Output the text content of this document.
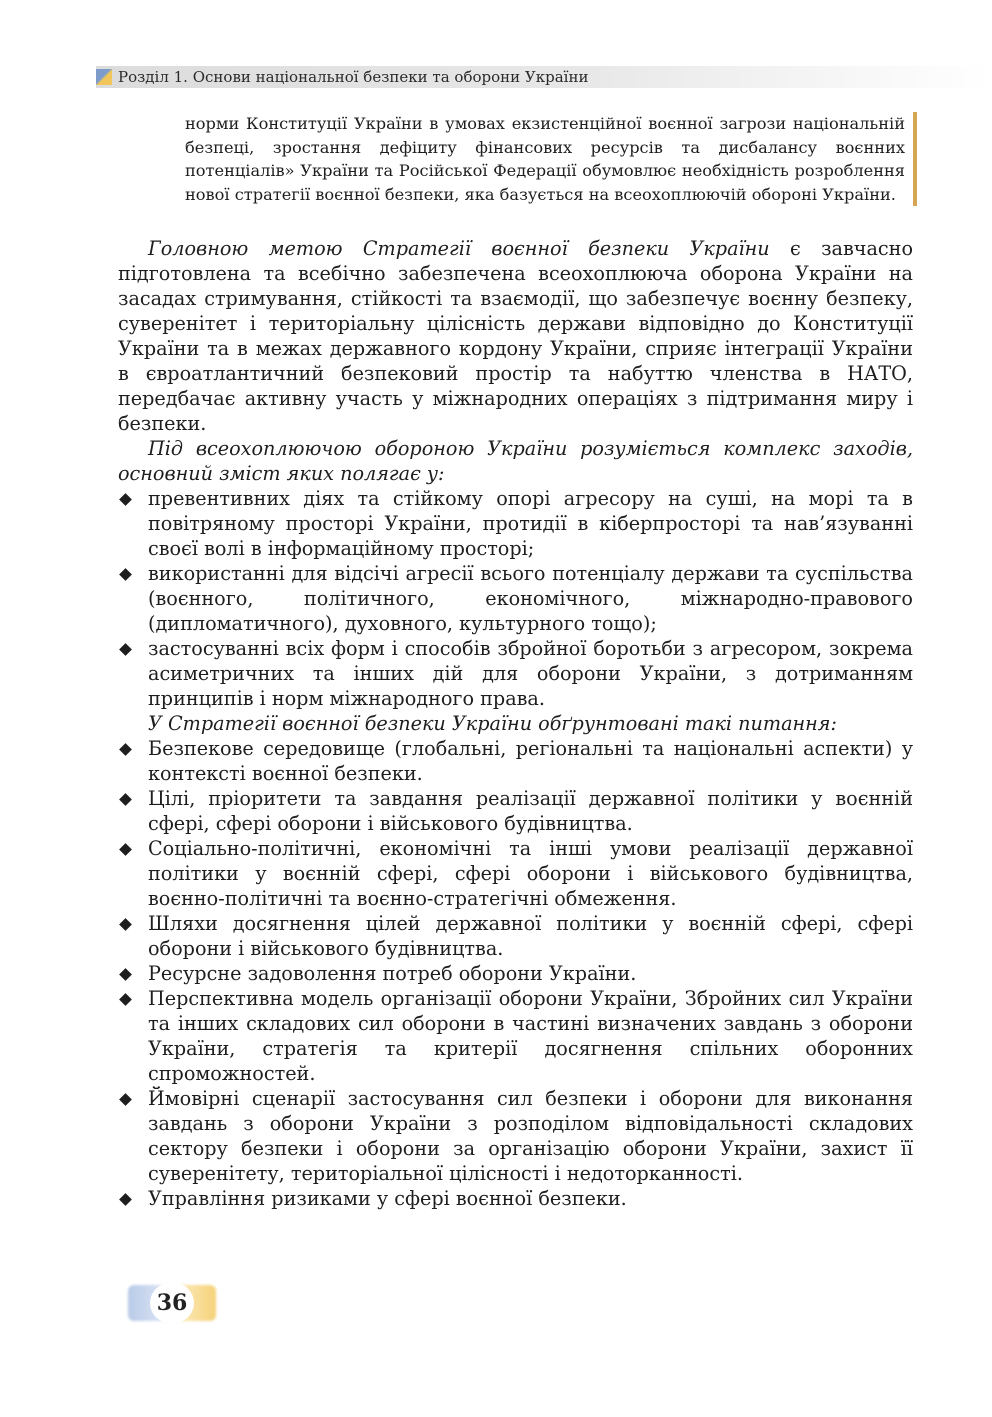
Розділ 1. Основи національної безпеки та оборони України
норми Конституції України в умовах екзистенційної воєнної загрози національній безпеці, зростання дефіциту фінансових ресурсів та дисбалансу воєнних потенціалів» України та Російської Федерації обумовлює необхідність розроблення нової стратегії воєнної безпеки, яка базується на всеохоплюючій обороні України.

Головною метою Стратегії воєнної безпеки України є завчасно підготовлена та всебічно забезпечена всеохоплююча оборона України на засадах стримування, стійкості та взаємодії, що забезпечує воєнну безпеку, суверенітет і територіальну цілісність держави відповідно до Конституції України та в межах державного кордону України, сприяє інтеграції України в євроатлантичний безпековий простір та набуттю членства в НАТО, передбачає активну участь у міжнародних операціях з підтримання миру і безпеки.

Під всеохоплюючою обороною України розуміється комплекс заходів, основний зміст яких полягає у:

превентивних діях та стійкому опорі агресору на суші, на морі та в повітряному просторі України, протидії в кіберпросторі та нав’язуванні своєї волі в інформаційному просторі;
використанні для відсічі агресії всього потенціалу держави та суспільства (воєнного, політичного, економічного, міжнародно-правового (дипломатичного), духовного, культурного тощо);
застосуванні всіх форм і способів збройної боротьби з агресором, зокрема асиметричних та інших дій для оборони України, з дотриманням принципів і норм міжнародного права.

У Стратегії воєнної безпеки України обґрунтовані такі питання:

Безпекове середовище (глобальні, регіональні та національні аспекти) у контексті воєнної безпеки.
Цілі, пріоритети та завдання реалізації державної політики у воєнній сфері, сфері оборони і військового будівництва.
Соціально-політичні, економічні та інші умови реалізації державної політики у воєнній сфері, сфері оборони і військового будівництва, воєнно-політичні та воєнно-стратегічні обмеження.
Шляхи досягнення цілей державної політики у воєнній сфері, сфері оборони і військового будівництва.
Ресурсне задоволення потреб оборони України.
Перспективна модель організації оборони України, Збройних сил України та інших складових сил оборони в частині визначених завдань з оборони України, стратегія та критерії досягнення спільних оборонних спроможностей.
Ймовірні сценарії застосування сил безпеки і оборони для виконання завдань з оборони України з розподілом відповідальності складових сектору безпеки і оборони за організацію оборони України, захист її суверенітету, територіальної цілісності і недоторканності.
Управління ризиками у сфері воєнної безпеки.
36
